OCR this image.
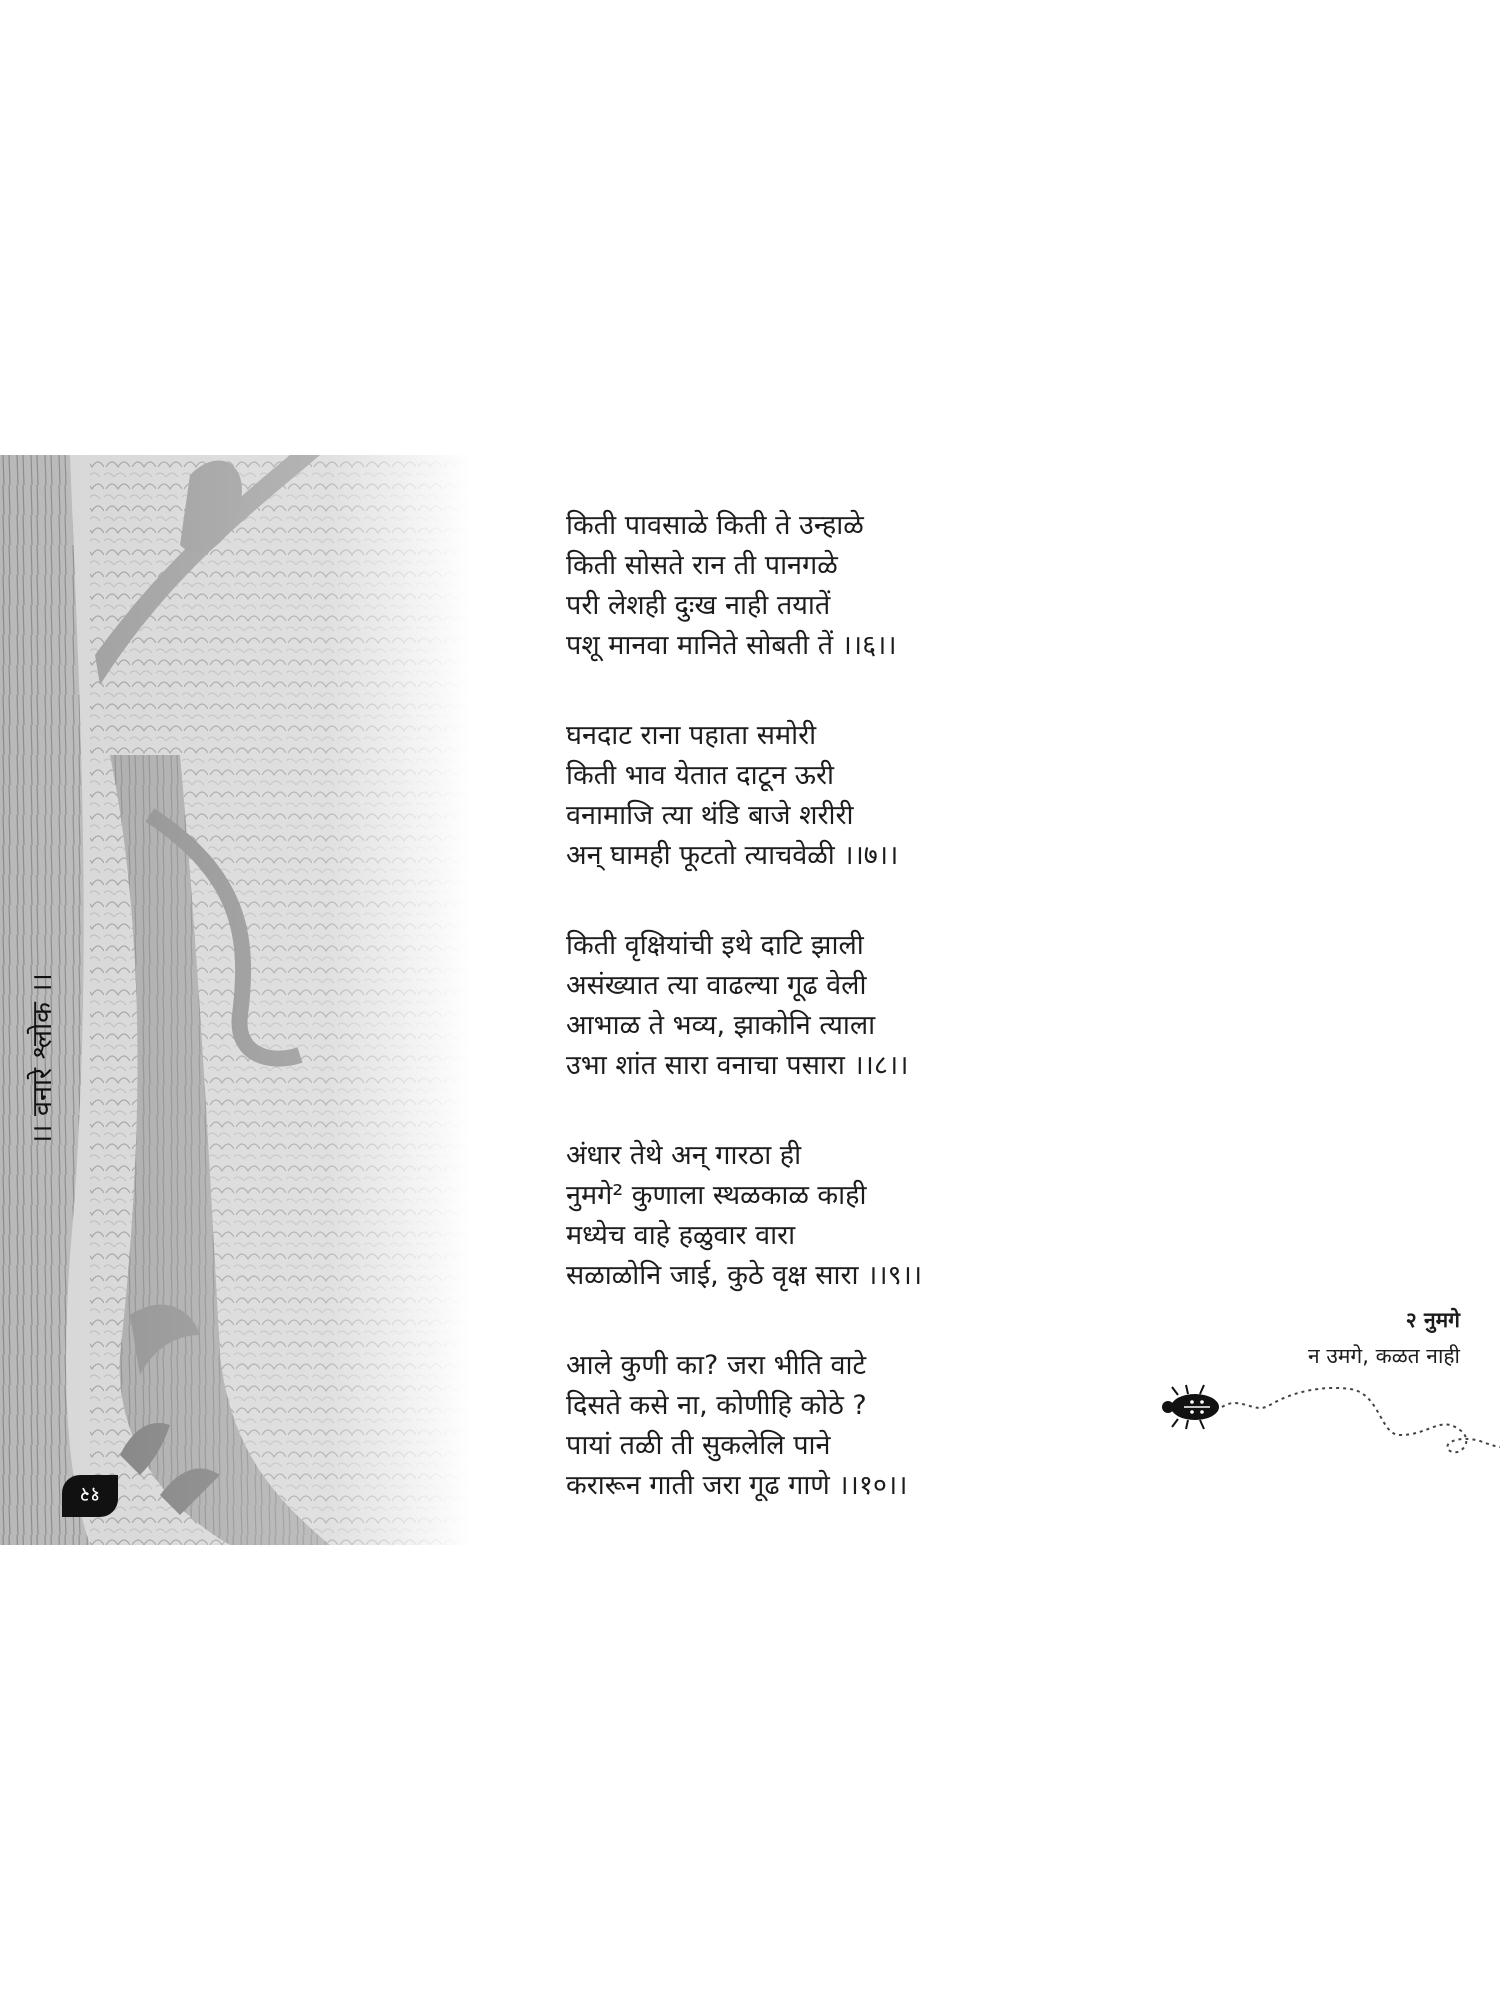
।। वनारे श्लोक ।।
१२
किती पावसाळे किती ते उन्हाळे
किती सोसते रान ती पानगळे
परी लेशही दुःख नाही तयातें
पशू मानवा मानिते सोबती तें ।।६।।
घनदाट राना पहाता समोरी
किती भाव येतात दाटून ऊरी
वनामाजि त्या थंडि बाजे शरीरी
अन् घामही फूटतो त्याचवेळी ।।७।।
किती वृक्षियांची इथे दाटि झाली
असंख्यात त्या वाढल्या गूढ वेली
आभाळ ते भव्य, झाकोनि त्याला
उभा शांत सारा वनाचा पसारा ।।८।।
अंधार तेथे अन् गारठा ही
नुमगे² कुणाला स्थळकाळ काही
मध्येच वाहे हळुवार वारा
सळाळोनि जाई, कुठे वृक्ष सारा ।।९।।
आले कुणी का? जरा भीति वाटे
दिसते कसे ना, कोणीहि कोठे ?
पायां तळी ती सुकलेलि पाने
करारून गाती जरा गूढ गाणे ।।१०।।
२ नुमगे
न उमगे, कळत नाही
